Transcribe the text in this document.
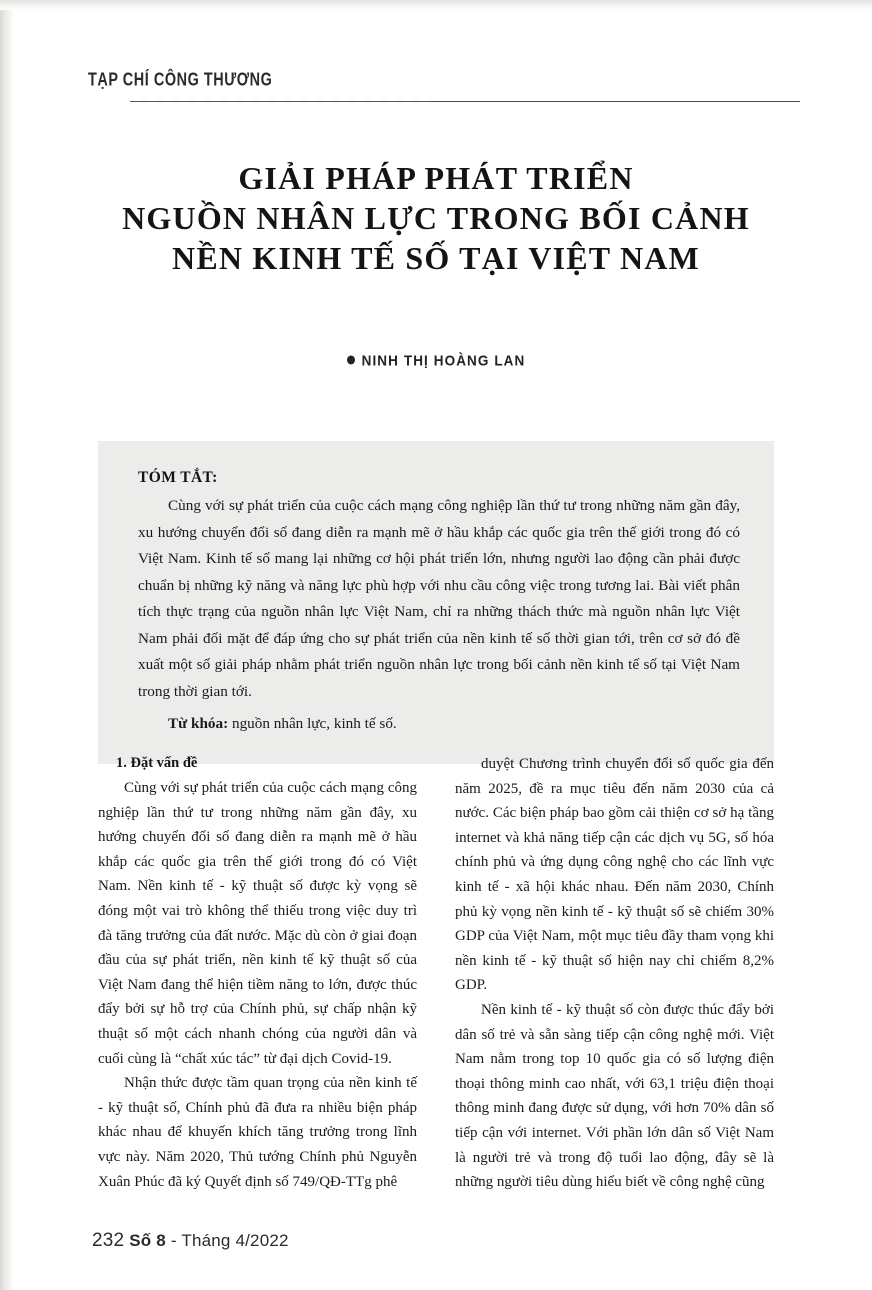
TẠP CHÍ CÔNG THƯƠNG
GIẢI PHÁP PHÁT TRIỂN
NGUỒN NHÂN LỰC TRONG BỐI CẢNH
NỀN KINH TẾ SỐ TẠI VIỆT NAM
NINH THỊ HOÀNG LAN
TÓM TẮT:

Cùng với sự phát triển của cuộc cách mạng công nghiệp lần thứ tư trong những năm gần đây, xu hướng chuyển đổi số đang diễn ra mạnh mẽ ở hầu khắp các quốc gia trên thế giới trong đó có Việt Nam. Kinh tế số mang lại những cơ hội phát triển lớn, nhưng người lao động cần phải được chuẩn bị những kỹ năng và năng lực phù hợp với nhu cầu công việc trong tương lai. Bài viết phân tích thực trạng của nguồn nhân lực Việt Nam, chỉ ra những thách thức mà nguồn nhân lực Việt Nam phải đối mặt để đáp ứng cho sự phát triển của nền kinh tế số thời gian tới, trên cơ sở đó đề xuất một số giải pháp nhằm phát triển nguồn nhân lực trong bối cảnh nền kinh tế số tại Việt Nam trong thời gian tới.

Từ khóa: nguồn nhân lực, kinh tế số.

1. Đặt vấn đề

Cùng với sự phát triển của cuộc cách mạng công nghiệp lần thứ tư trong những năm gần đây, xu hướng chuyển đổi số đang diễn ra mạnh mẽ ở hầu khắp các quốc gia trên thế giới trong đó có Việt Nam. Nền kinh tế - kỹ thuật số được kỳ vọng sẽ đóng một vai trò không thể thiếu trong việc duy trì đà tăng trưởng của đất nước. Mặc dù còn ở giai đoạn đầu của sự phát triển, nền kinh tế kỹ thuật số của Việt Nam đang thể hiện tiềm năng to lớn, được thúc đẩy bởi sự hỗ trợ của Chính phủ, sự chấp nhận kỹ thuật số một cách nhanh chóng của người dân và cuối cùng là “chất xúc tác” từ đại dịch Covid-19.

Nhận thức được tầm quan trọng của nền kinh tế - kỹ thuật số, Chính phủ đã đưa ra nhiều biện pháp khác nhau để khuyến khích tăng trưởng trong lĩnh vực này. Năm 2020, Thủ tướng Chính phủ Nguyễn Xuân Phúc đã ký Quyết định số 749/QĐ-TTg phê

duyệt Chương trình chuyển đổi số quốc gia đến năm 2025, đề ra mục tiêu đến năm 2030 của cả nước. Các biện pháp bao gồm cải thiện cơ sở hạ tầng internet và khả năng tiếp cận các dịch vụ 5G, số hóa chính phủ và ứng dụng công nghệ cho các lĩnh vực kinh tế - xã hội khác nhau. Đến năm 2030, Chính phủ kỳ vọng nền kinh tế - kỹ thuật số sẽ chiếm 30% GDP của Việt Nam, một mục tiêu đầy tham vọng khi nền kinh tế - kỹ thuật số hiện nay chỉ chiếm 8,2% GDP.

Nền kinh tế - kỹ thuật số còn được thúc đẩy bởi dân số trẻ và sẵn sàng tiếp cận công nghệ mới. Việt Nam nằm trong top 10 quốc gia có số lượng điện thoại thông minh cao nhất, với 63,1 triệu điện thoại thông minh đang được sử dụng, với hơn 70% dân số tiếp cận với internet. Với phần lớn dân số Việt Nam là người trẻ và trong độ tuổi lao động, đây sẽ là những người tiêu dùng hiểu biết về công nghệ cũng

232 Số 8 - Tháng 4/2022
